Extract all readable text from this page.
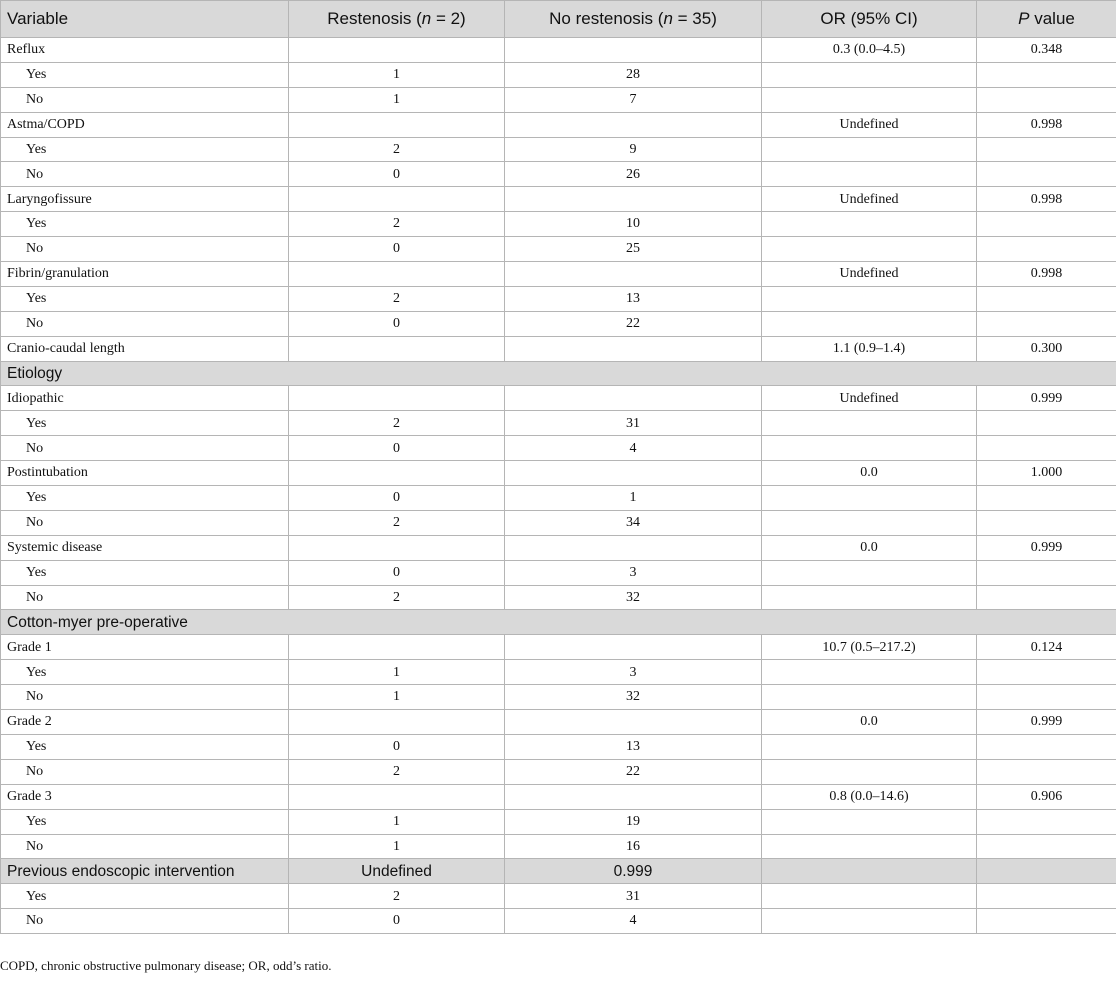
Variable	Restenosis (n = 2)	No restenosis (n = 35)	OR (95% CI)	P value
Reflux			0.3 (0.0–4.5)	0.348
Yes	1	28		
No	1	7		
Astma/COPD			Undefined	0.998
Yes	2	9		
No	0	26		
Laryngofissure			Undefined	0.998
Yes	2	10		
No	0	25		
Fibrin/granulation			Undefined	0.998
Yes	2	13		
No	0	22		
Cranio-caudal length			1.1 (0.9–1.4)	0.300
Etiology				
Idiopathic			Undefined	0.999
Yes	2	31		
No	0	4		
Postintubation			0.0	1.000
Yes	0	1		
No	2	34		
Systemic disease			0.0	0.999
Yes	0	3		
No	2	32		
Cotton-myer pre-operative				
Grade 1			10.7 (0.5–217.2)	0.124
Yes	1	3		
No	1	32		
Grade 2			0.0	0.999
Yes	0	13		
No	2	22		
Grade 3			0.8 (0.0–14.6)	0.906
Yes	1	19		
No	1	16		
Previous endoscopic intervention	Undefined	0.999		
Yes	2	31		
No	0	4		
COPD, chronic obstructive pulmonary disease; OR, odd’s ratio.
